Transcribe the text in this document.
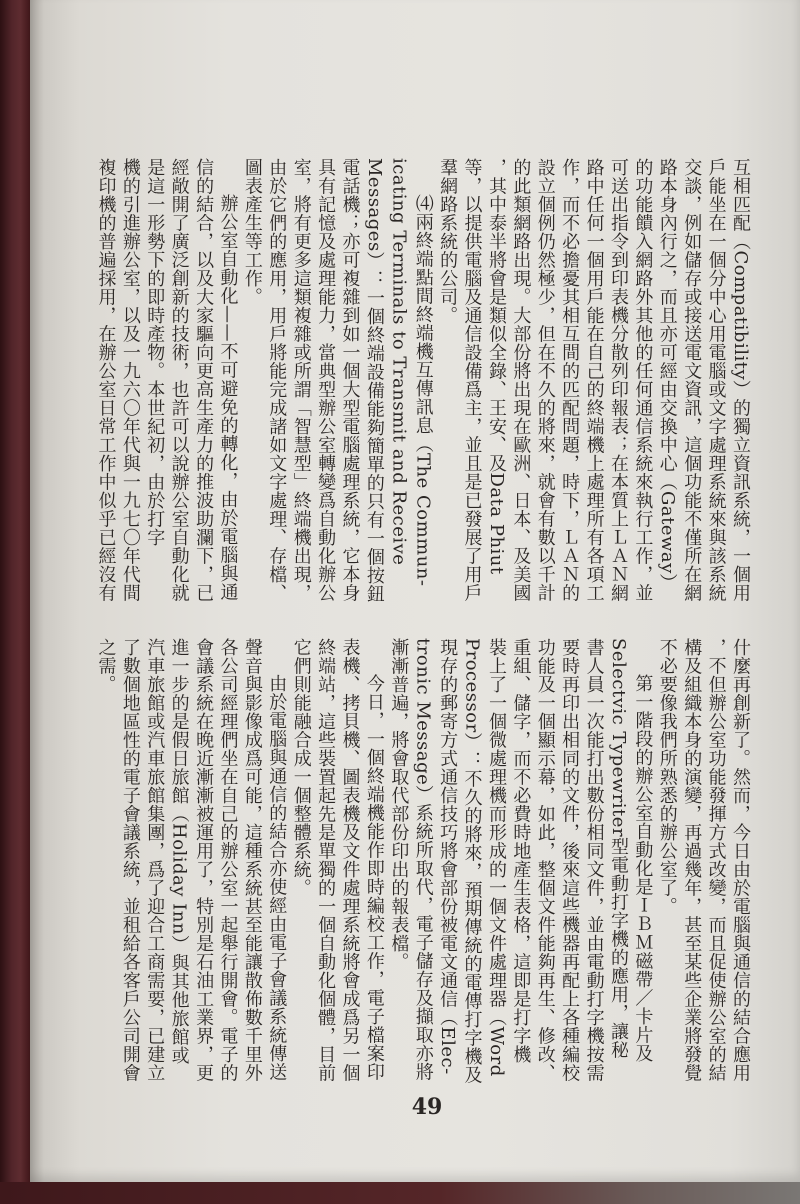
互相匹配（Compatibility）的獨立資訊系統，一個用
戶能坐在一個分中心用電腦或文字處理系統來與該系統
交談，例如儲存或接送電文資訊，這個功能不僅所在網
路本身內行之，而且亦可經由交換中心（Gateway）
的功能饋入網路外其他的任何通信系統來執行工作，並
可送出指令到印表機分散列印報表；在本質上ＬＡＮ網
路中任何一個用戶能在自己的終端機上處理所有各項工
作，而不必擔憂其相互間的匹配問題，時下，ＬＡＮ的
設立個例仍然極少，但在不久的將來，就會有數以千計
的此類網路出現。大部份將出現在歐洲、日本、及美國
，其中泰半將會是類似全錄、王安、及Data Phiut
等，以提供電腦及通信設備爲主，並且是已發展了用戶
羣網路系統的公司。
⑷兩終端點間終端機互傳訊息（The Commun-
icating Terminals to Transmit and Receive
Messages）：一個終端設備能夠簡單的只有一個按鈕
電話機；亦可複雜到如一個大型電腦處理系統，它本身
具有記憶及處理能力，當典型辦公室轉變爲自動化辦公
室，將有更多這類複雜或所謂「智慧型」終端機出現，
由於它們的應用，用戶將能完成諸如文字處理、存檔、
圖表產生等工作。
辦公室自動化——不可避免的轉化，由於電腦與通
信的結合，以及大家驅向更高生產力的推波助瀾下，已
經敞開了廣泛創新的技術，也許可以說辦公室自動化就
是這一形勢下的即時產物。本世紀初，由於打字
機的引進辦公室，以及一九六〇年代與一九七〇年代間
複印機的普遍採用，在辦公室日常工作中似乎已經沒有
什麼再創新了。然而，今日由於電腦與通信的結合應用
，不但辦公室功能發揮方式改變，而且促使辦公室的結
構及組織本身的演變，再過幾年，甚至某些企業將發覺
不必要像我們所熟悉的辦公室了。
第一階段的辦公室自動化是ＩＢＭ磁帶／卡片及
Selectvic Typewriter型電動打字機的應用，讓秘
書人員一次能打出數份相同文件，並由電動打字機按需
要時再印出相同的文件，後來這些機器再配上各種編校
功能及一個顯示幕，如此，整個文件能夠再生、修改、
重組、儲字，而不必費時地產生表格，這即是打字機
裝上了一個微處理機而形成的一個文件處理器（Word
Processor）：不久的將來，預期傳統的電傳打字機及
現存的郵寄方式通信技巧將會部份被電文通信（Elec-
tronic Message）系統所取代，電子儲存及擷取亦將
漸漸普遍，將會取代部份印出的報表檔。
今日，一個終端機能作即時編校工作，電子檔案印
表機、拷貝機、圖表機及文件處理系統將會成爲另一個
終端站，這些裝置起先是單獨的一個自動化個體，目前
它們則能融合成一個整體系統。
由於電腦與通信的結合亦使經由電子會議系統傳送
聲音與影像成爲可能，這種系統甚至能讓散佈數千里外
各公司經理們坐在自己的辦公室一起舉行開會。電子的
會議系統在晚近漸漸被運用了，特別是石油工業界，更
進一步的是假日旅館（Holiday Inn）與其他旅館或
汽車旅館或汽車旅館集團，爲了迎合工商需要，已建立
了數個地區性的電子會議系統，並租給各客戶公司開會
之需。
49
